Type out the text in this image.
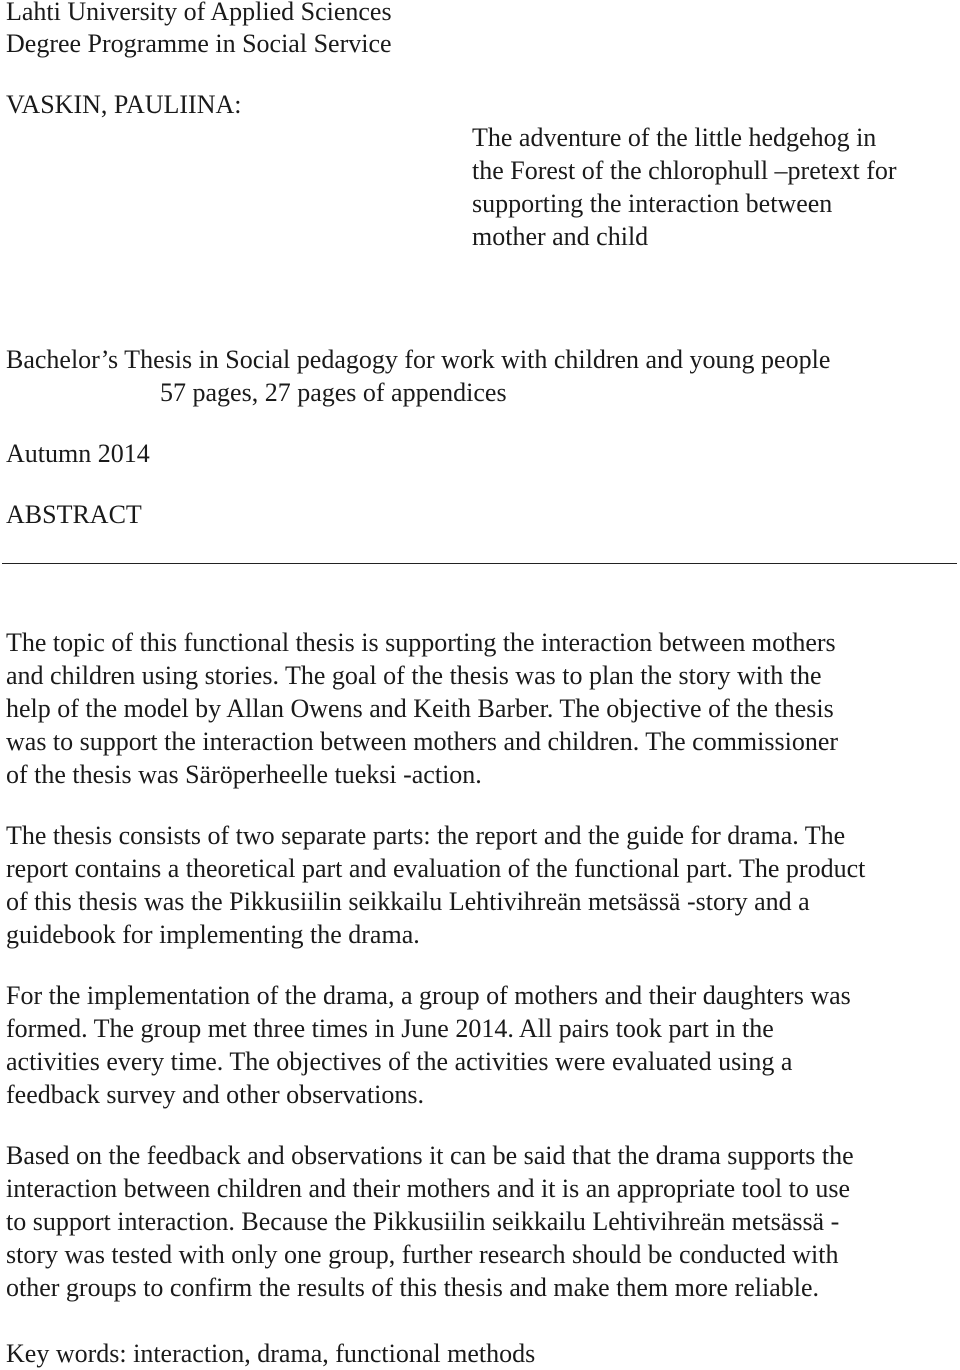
Lahti University of Applied Sciences
Degree Programme in Social Service
VASKIN, PAULIINA:
The adventure of the little hedgehog in
the Forest of the chlorophull –pretext for
supporting the interaction between
mother and child
Bachelor’s Thesis in Social pedagogy for work with children and young people
57 pages, 27 pages of appendices
Autumn 2014
ABSTRACT

The topic of this functional thesis is supporting the interaction between mothers
and children using stories. The goal of the thesis was to plan the story with the
help of the model by Allan Owens and Keith Barber. The objective of the thesis
was to support the interaction between mothers and children. The commissioner
of the thesis was Säröperheelle tueksi -action.

The thesis consists of two separate parts: the report and the guide for drama. The
report contains a theoretical part and evaluation of the functional part. The product
of this thesis was the Pikkusiilin seikkailu Lehtivihreän metsässä -story and a
guidebook for implementing the drama.

For the implementation of the drama, a group of mothers and their daughters was
formed. The group met three times in June 2014. All pairs took part in the
activities every time. The objectives of the activities were evaluated using a
feedback survey and other observations.

Based on the feedback and observations it can be said that the drama supports the
interaction between children and their mothers and it is an appropriate tool to use
to support interaction. Because the Pikkusiilin seikkailu Lehtivihreän metsässä -
story was tested with only one group, further research should be conducted with
other groups to confirm the results of this thesis and make them more reliable.

Key words: interaction, drama, functional methods
